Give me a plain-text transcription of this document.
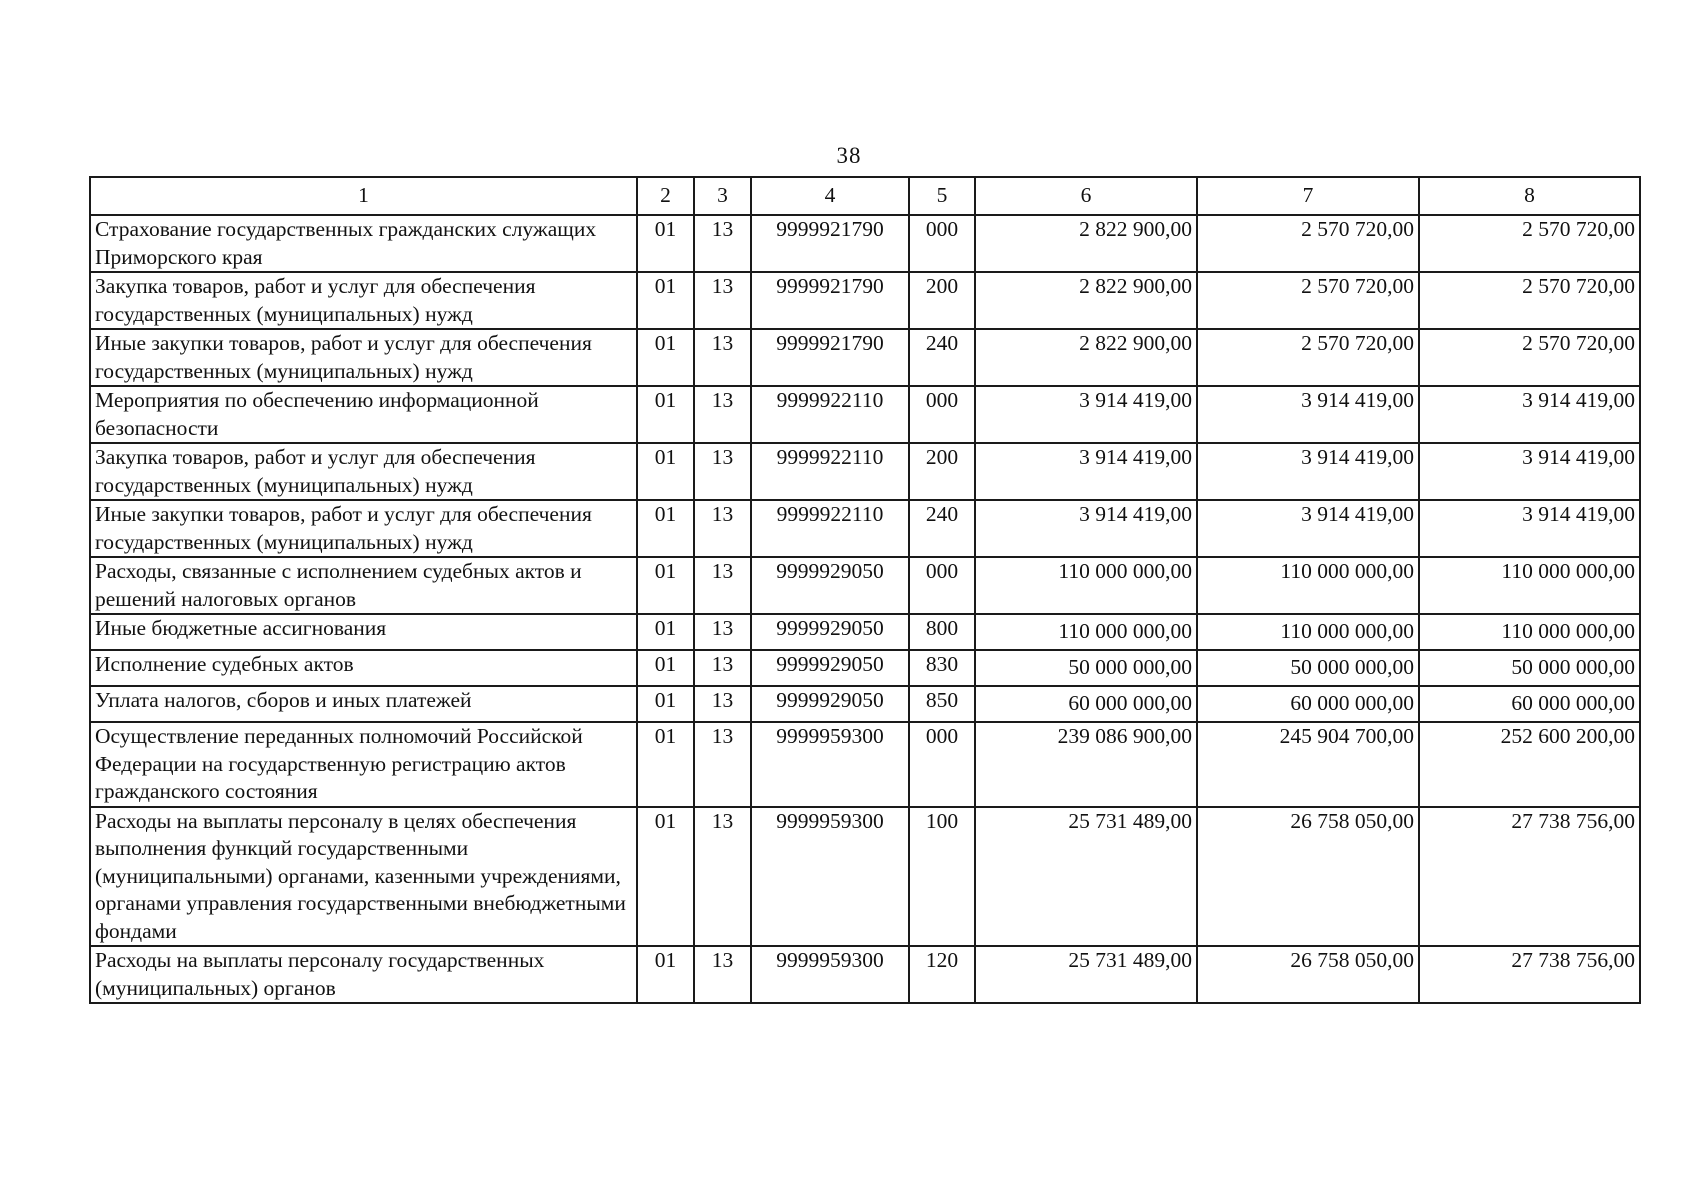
38
1	2	3	4	5	6	7	8
Страхование государственных гражданских служащих Приморского края	01	13	9999921790	000	2 822 900,00	2 570 720,00	2 570 720,00
Закупка товаров, работ и услуг для обеспечения государственных (муниципальных) нужд	01	13	9999921790	200	2 822 900,00	2 570 720,00	2 570 720,00
Иные закупки товаров, работ и услуг для обеспечения государственных (муниципальных) нужд	01	13	9999921790	240	2 822 900,00	2 570 720,00	2 570 720,00
Мероприятия по обеспечению информационной безопасности	01	13	9999922110	000	3 914 419,00	3 914 419,00	3 914 419,00
Закупка товаров, работ и услуг для обеспечения государственных (муниципальных) нужд	01	13	9999922110	200	3 914 419,00	3 914 419,00	3 914 419,00
Иные закупки товаров, работ и услуг для обеспечения государственных (муниципальных) нужд	01	13	9999922110	240	3 914 419,00	3 914 419,00	3 914 419,00
Расходы, связанные с исполнением судебных актов и решений налоговых органов	01	13	9999929050	000	110 000 000,00	110 000 000,00	110 000 000,00
Иные бюджетные ассигнования	01	13	9999929050	800	110 000 000,00	110 000 000,00	110 000 000,00
Исполнение судебных актов	01	13	9999929050	830	50 000 000,00	50 000 000,00	50 000 000,00
Уплата налогов, сборов и иных платежей	01	13	9999929050	850	60 000 000,00	60 000 000,00	60 000 000,00
Осуществление переданных полномочий Российской Федерации на государственную регистрацию актов гражданского состояния	01	13	9999959300	000	239 086 900,00	245 904 700,00	252 600 200,00
Расходы на выплаты персоналу в целях обеспечения выполнения функций государственными (муниципальными) органами, казенными учреждениями, органами управления государственными внебюджетными фондами	01	13	9999959300	100	25 731 489,00	26 758 050,00	27 738 756,00
Расходы на выплаты персоналу государственных (муниципальных) органов	01	13	9999959300	120	25 731 489,00	26 758 050,00	27 738 756,00
